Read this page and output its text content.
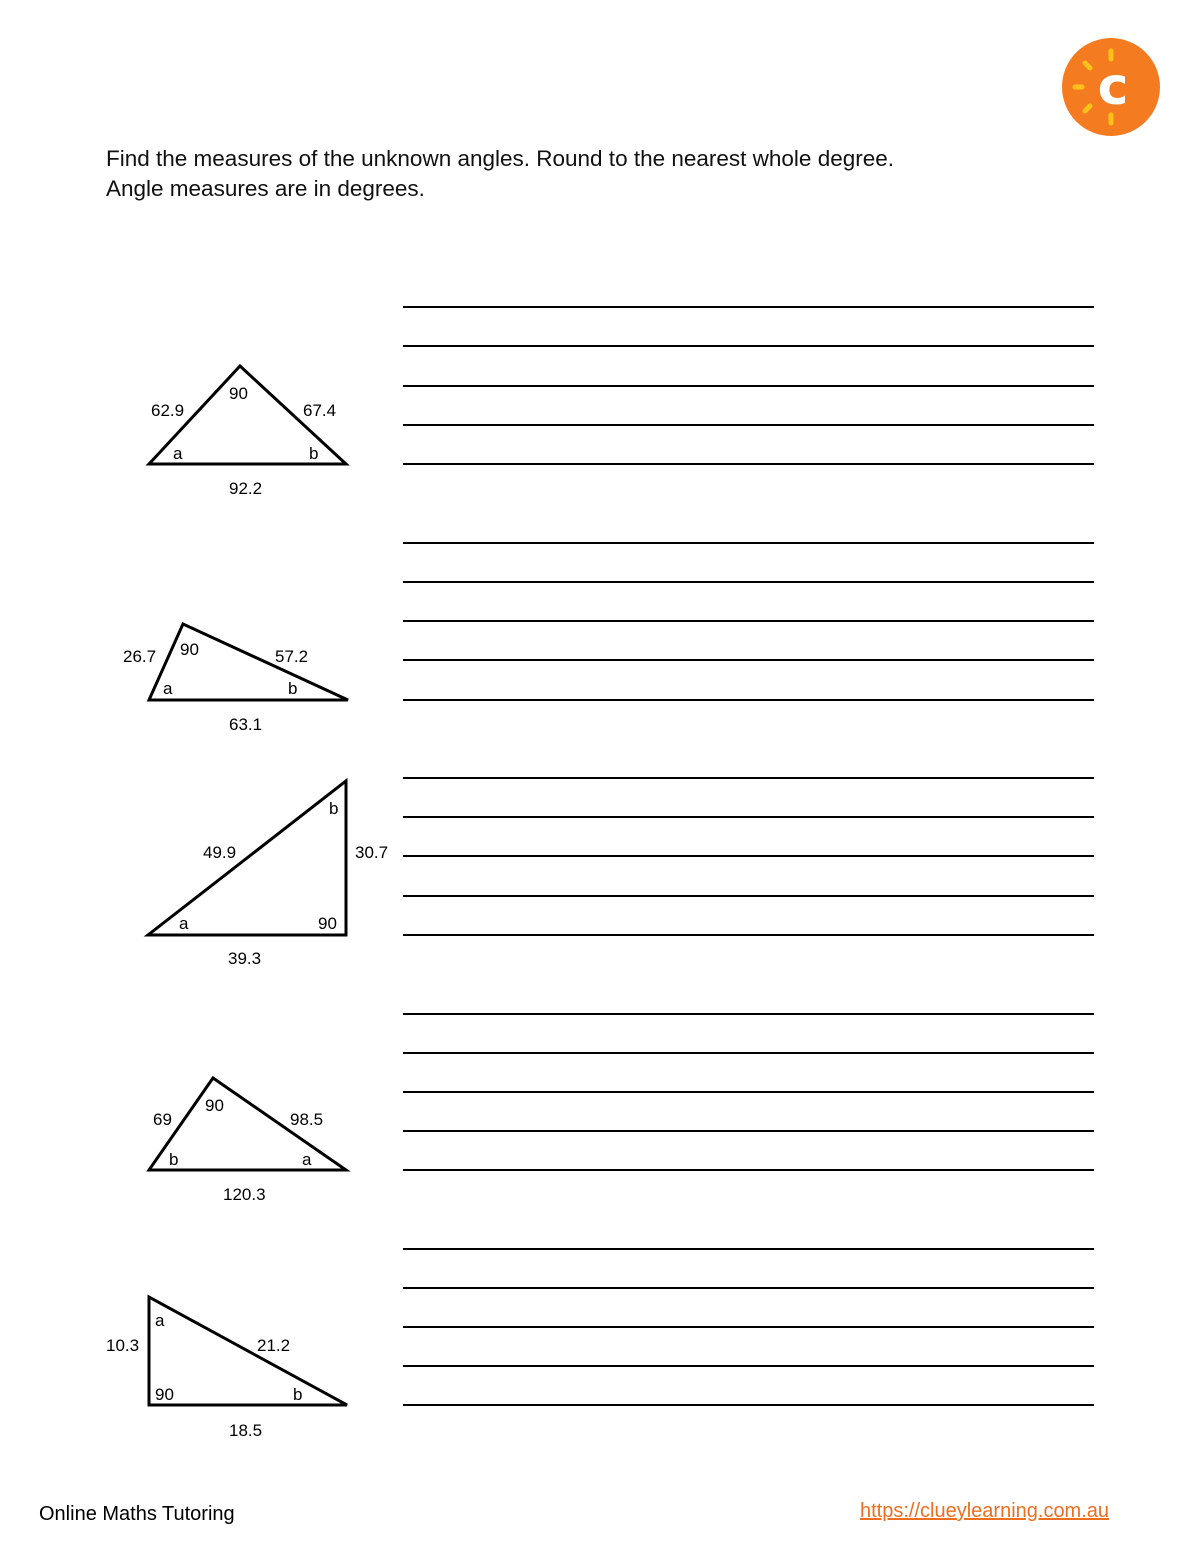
c
Find the measures of the unknown angles. Round to the nearest whole degree.
Angle measures are in degrees.
62.9	67.4
92.2
90
a	b
26.7	57.2
63.1
90
a	b
49.9	30.7
39.3
b
a	90
69	98.5
120.3
90
b	a
10.3	21.2
18.5
a
90	b
Online Maths Tutoring	https://clueylearning.com.au
